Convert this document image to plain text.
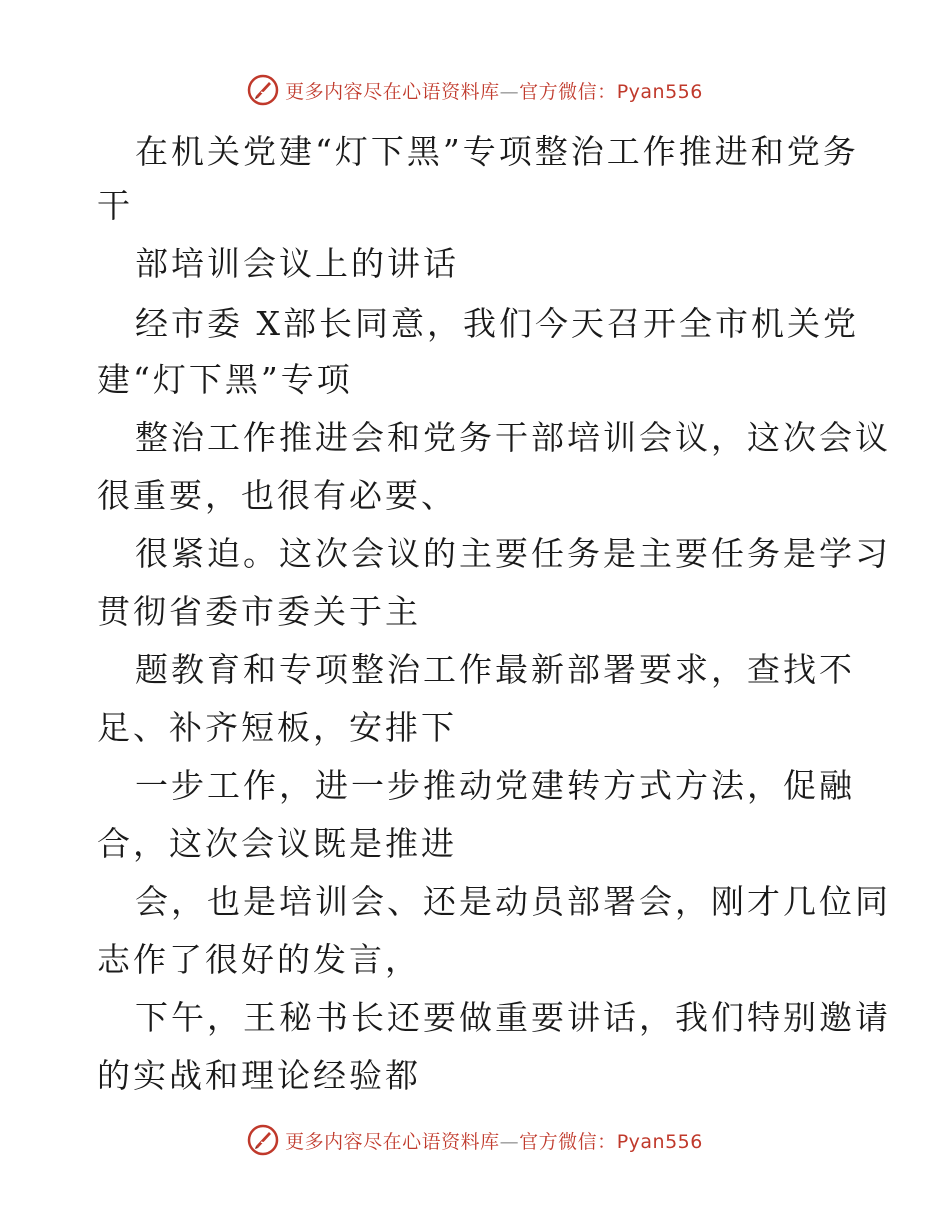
更多内容尽在心语资料库—官方微信：Pyan556
在机关党建“灯下黑”专项整治工作推进和党务
干
部培训会议上的讲话
经市委 X部长同意，我们今天召开全市机关党
建“灯下黑”专项
整治工作推进会和党务干部培训会议，这次会议
很重要，也很有必要、
很紧迫。这次会议的主要任务是主要任务是学习
贯彻省委市委关于主
题教育和专项整治工作最新部署要求，查找不
足、补齐短板，安排下
一步工作，进一步推动党建转方式方法，促融
合，这次会议既是推进
会，也是培训会、还是动员部署会，刚才几位同
志作了很好的发言，
下午，王秘书长还要做重要讲话，我们特别邀请
的实战和理论经验都
更多内容尽在心语资料库—官方微信：Pyan556
